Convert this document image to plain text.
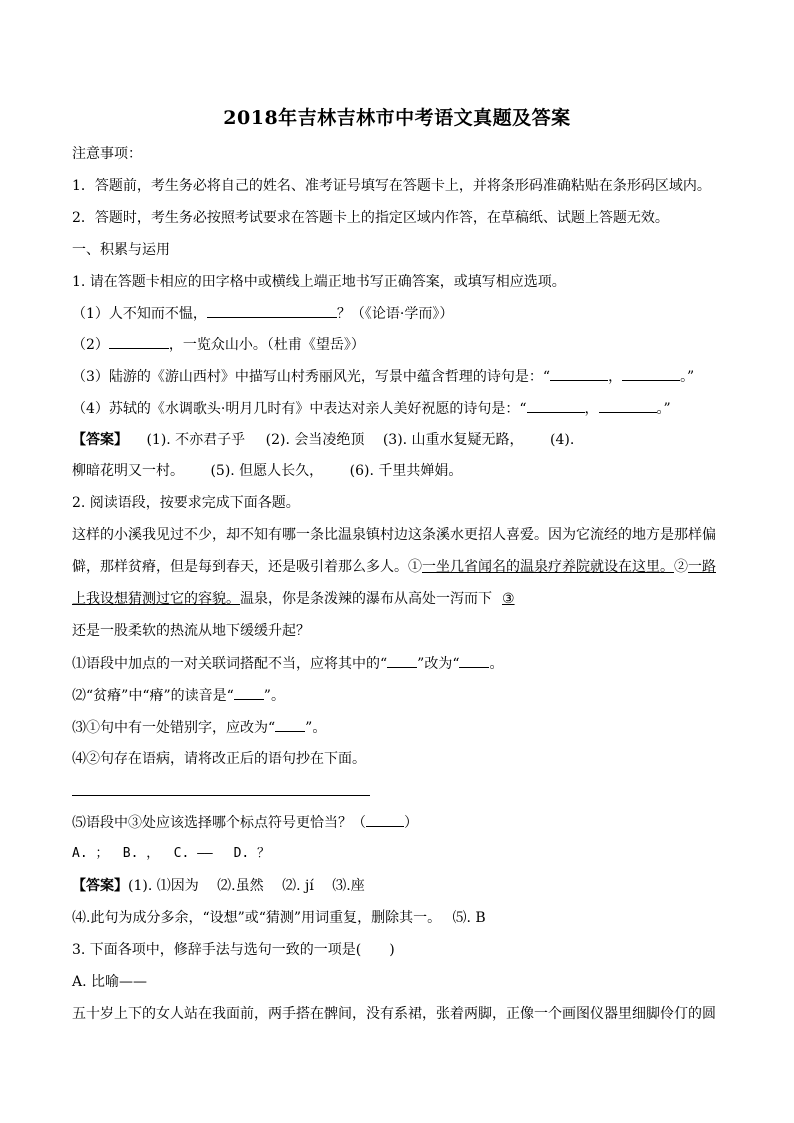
2018年吉林吉林市中考语文真题及答案
注意事项：
1．答题前，考生务必将自己的姓名、准考证号填写在答题卡上，并将条形码准确粘贴在条形码区域内。
2．答题时，考生务必按照考试要求在答题卡上的指定区域内作答，在草稿纸、试题上答题无效。
一、积累与运用
1. 请在答题卡相应的田字格中或横线上端正地书写正确答案，或填写相应选项。
（1）人不知而不愠，	？（《论语·学而》）
（2）	，一览众山小。（杜甫《望岳》）
（3）陆游的《游山西村》中描写山村秀丽风光，写景中蕴含哲理的诗句是：“	，	。”
（4）苏轼的《水调歌头·明月几时有》中表达对亲人美好祝愿的诗句是：“	，	。”
【答案】 (1). 不亦君子乎 (2). 会当凌绝顶 (3). 山重水复疑无路， (4).
柳暗花明又一村。 (5). 但愿人长久， (6). 千里共婵娟。
2. 阅读语段，按要求完成下面各题。
这样的小溪我见过不少，却不知有哪一条比温泉镇村边这条溪水更招人喜爱。因为它流经的地方是那样偏
僻，那样贫瘠，但是每到春天，还是吸引着那么多人。①一坐几省闻名的温泉疗养院就设在这里。②一路
上我设想猜测过它的容貌。温泉，你是条泼辣的瀑布从高处一泻而下 ③
还是一股柔软的热流从地下缓缓升起？
⑴语段中加点的一对关联词搭配不当，应将其中的“ ”改为“ 。
⑵“贫瘠”中“瘠”的读音是“ ”。
⑶①句中有一处错别字，应改为“ ”。
⑷②句存在语病，请将改正后的语句抄在下面。
⑸语段中③处应该选择哪个标点符号更恰当？（	）
A. ；　 B. ，　 C. ——　 D. ？
【答案】(1). ⑴因为　 ⑵.虽然　 ⑵. jí　 ⑶.座
⑷.此句为成分多余，“设想”或“猜测”用词重复，删除其一。　 ⑸. B
3. 下面各项中，修辞手法与选句一致的一项是(　　)
A. 比喻——
五十岁上下的女人站在我面前，两手搭在髀间，没有系裙，张着两脚，正像一个画图仪器里细脚伶仃的圆
